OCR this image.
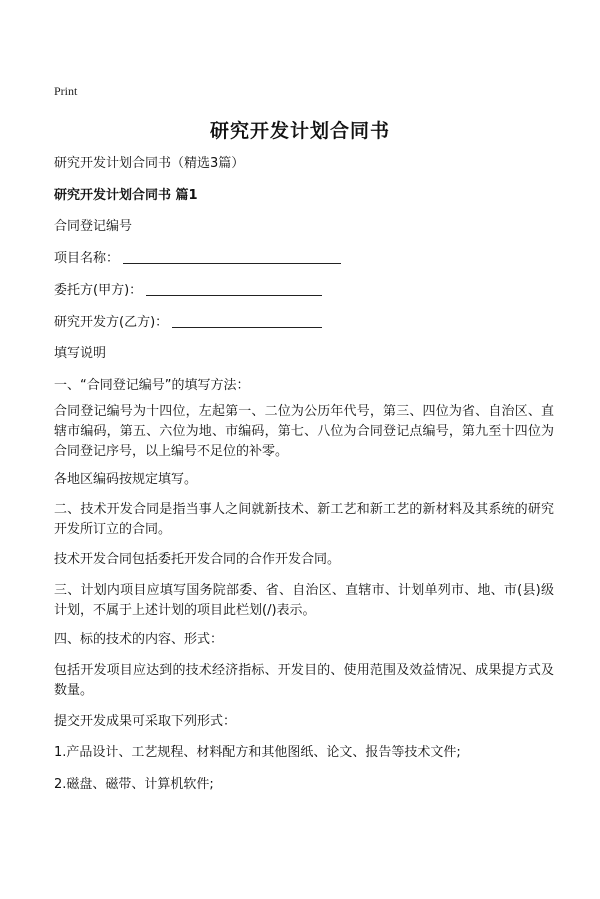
Print
研究开发计划合同书
研究开发计划合同书（精选3篇）
研究开发计划合同书 篇1
合同登记编号
项目名称：
委托方(甲方)：
研究开发方(乙方)：
填写说明
一、“合同登记编号”的填写方法：
合同登记编号为十四位，左起第一、二位为公历年代号，第三、四位为省、自治区、直辖市编码，第五、六位为地、市编码，第七、八位为合同登记点编号，第九至十四位为合同登记序号，以上编号不足位的补零。
各地区编码按规定填写。
二、技术开发合同是指当事人之间就新技术、新工艺和新工艺的新材料及其系统的研究开发所订立的合同。
技术开发合同包括委托开发合同的合作开发合同。
三、计划内项目应填写国务院部委、省、自治区、直辖市、计划单列市、地、市(县)级计划，不属于上述计划的项目此栏划(/)表示。
四、标的技术的内容、形式：
包括开发项目应达到的技术经济指标、开发目的、使用范围及效益情况、成果提方式及数量。
提交开发成果可采取下列形式：
1.产品设计、工艺规程、材料配方和其他图纸、论文、报告等技术文件;
2.磁盘、磁带、计算机软件;
